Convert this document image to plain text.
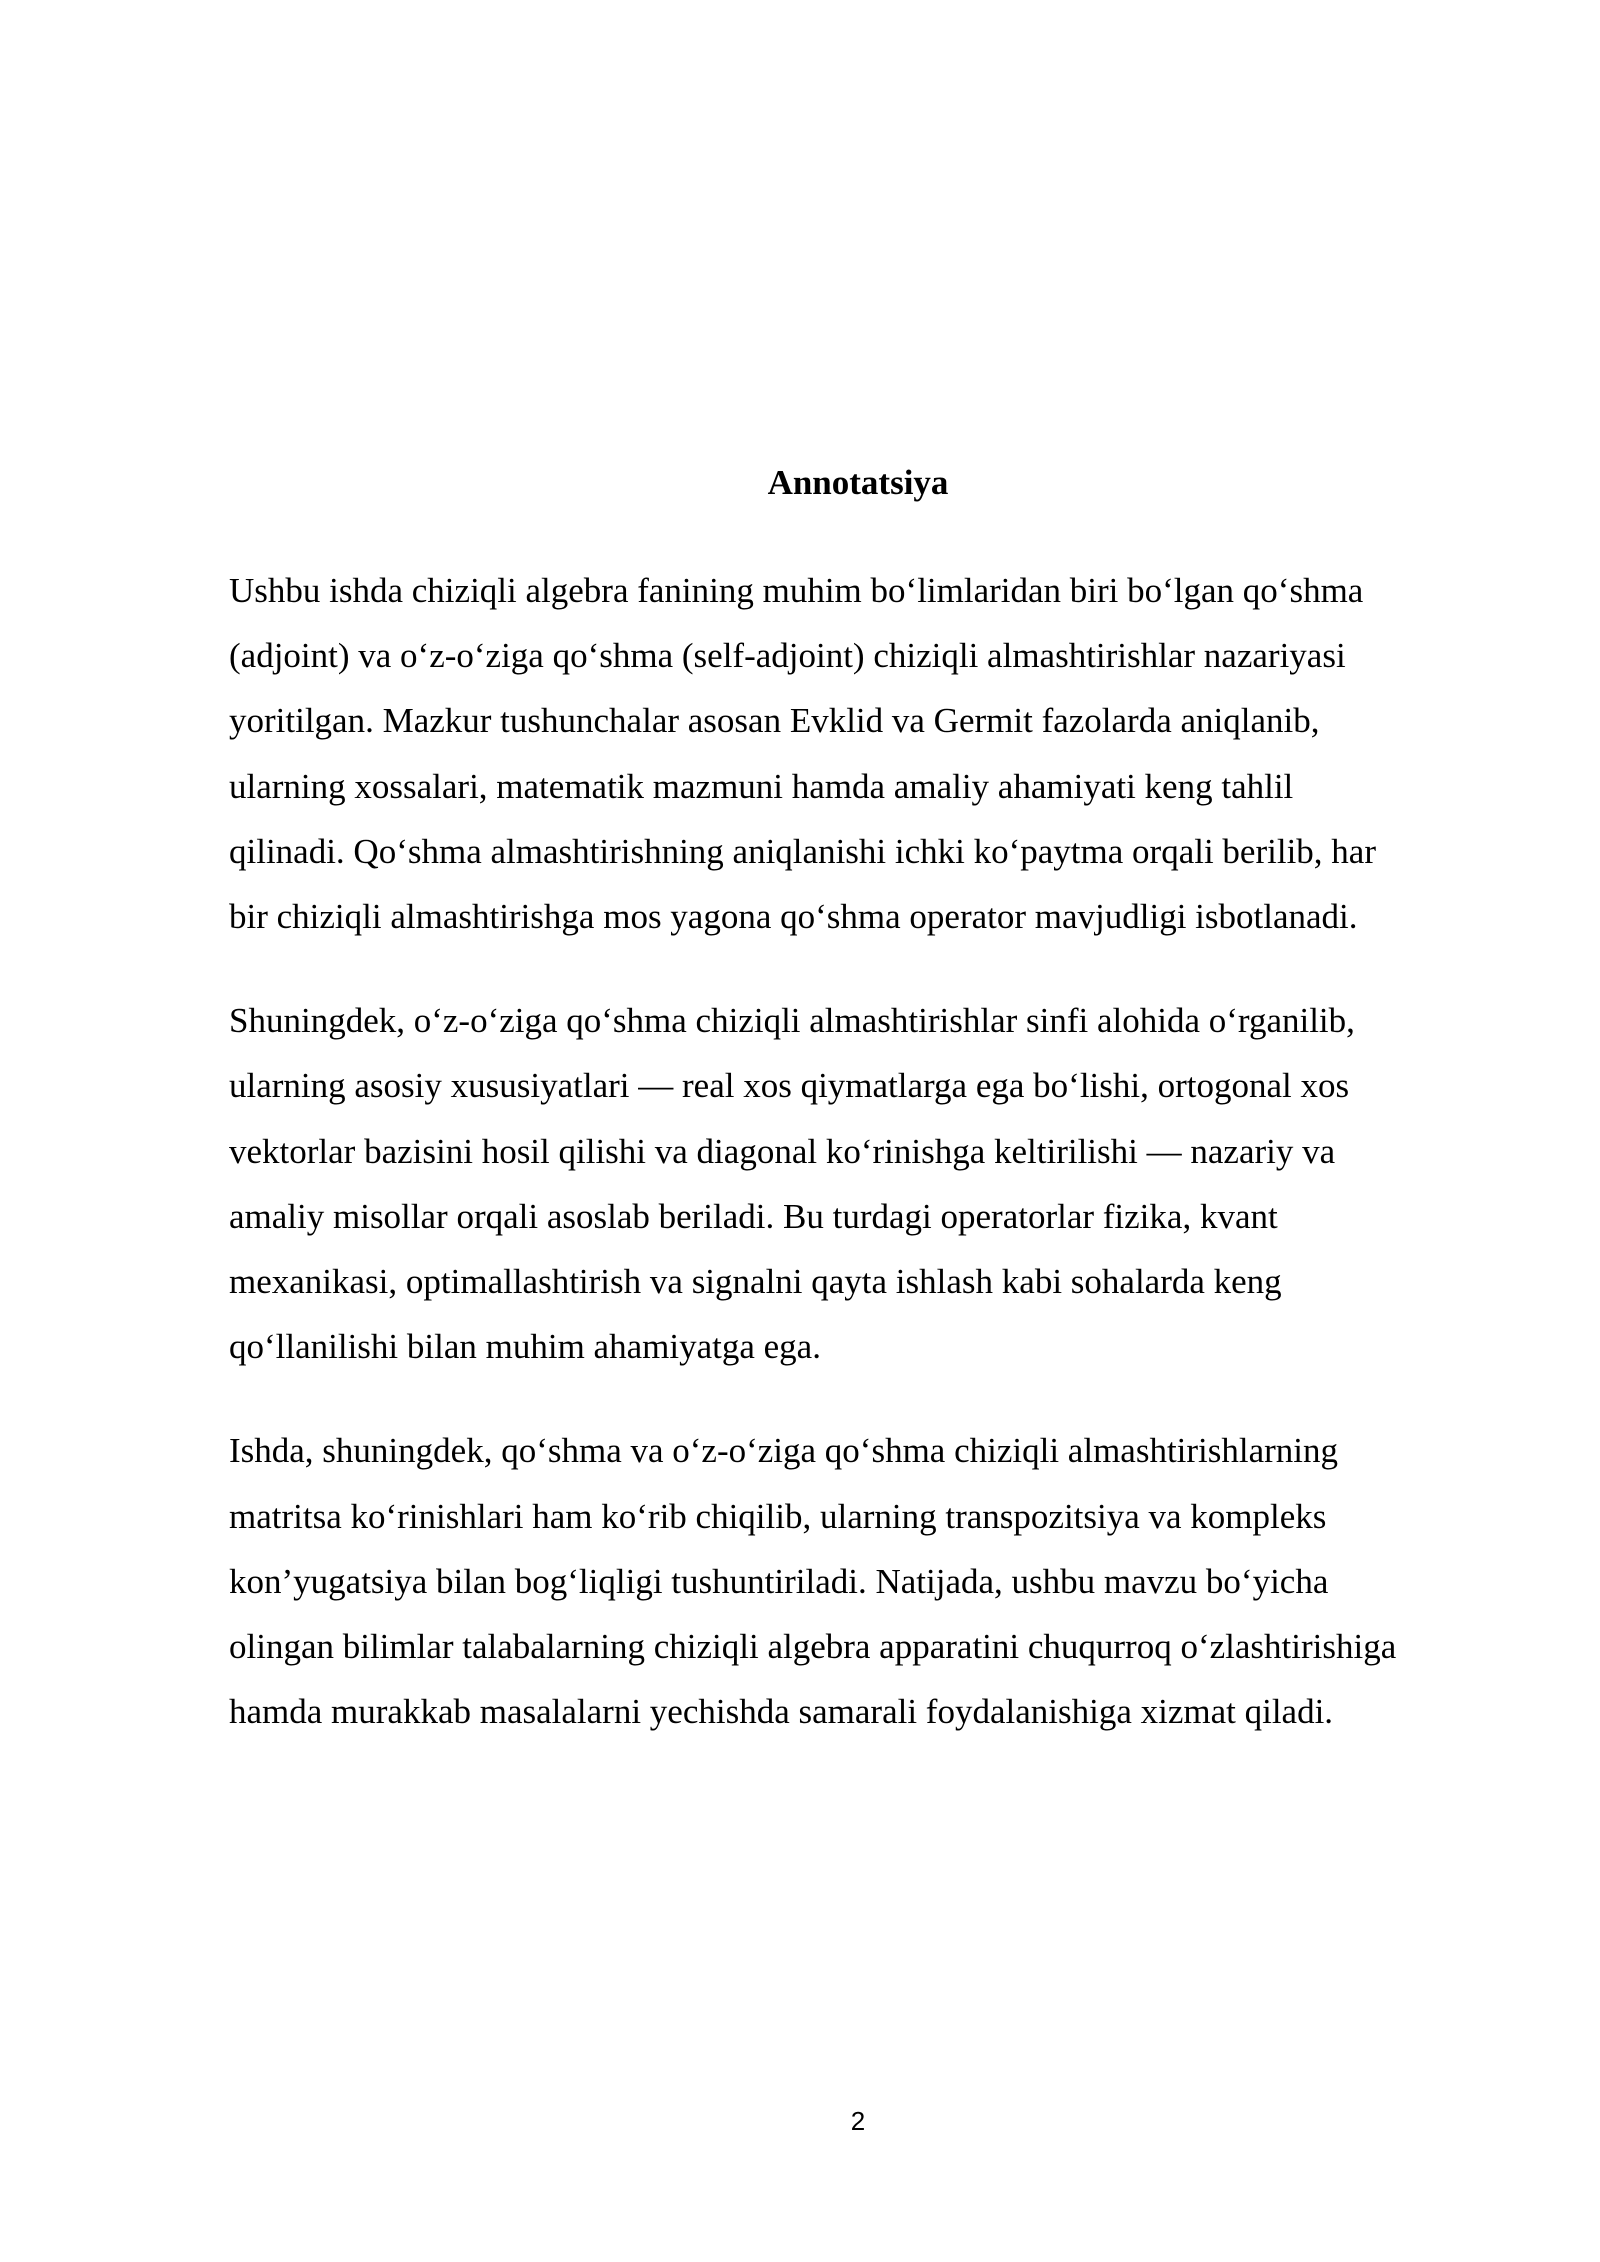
Annotatsiya

Ushbu ishda chiziqli algebra fanining muhim bo‘limlaridan biri bo‘lgan qo‘shma
(adjoint) va o‘z-o‘ziga qo‘shma (self-adjoint) chiziqli almashtirishlar nazariyasi
yoritilgan. Mazkur tushunchalar asosan Evklid va Germit fazolarda aniqlanib,
ularning xossalari, matematik mazmuni hamda amaliy ahamiyati keng tahlil
qilinadi. Qo‘shma almashtirishning aniqlanishi ichki ko‘paytma orqali berilib, har
bir chiziqli almashtirishga mos yagona qo‘shma operator mavjudligi isbotlanadi.

Shuningdek, o‘z-o‘ziga qo‘shma chiziqli almashtirishlar sinfi alohida o‘rganilib,
ularning asosiy xususiyatlari — real xos qiymatlarga ega bo‘lishi, ortogonal xos
vektorlar bazisini hosil qilishi va diagonal ko‘rinishga keltirilishi — nazariy va
amaliy misollar orqali asoslab beriladi. Bu turdagi operatorlar fizika, kvant
mexanikasi, optimallashtirish va signalni qayta ishlash kabi sohalarda keng
qo‘llanilishi bilan muhim ahamiyatga ega.

Ishda, shuningdek, qo‘shma va o‘z-o‘ziga qo‘shma chiziqli almashtirishlarning
matritsa ko‘rinishlari ham ko‘rib chiqilib, ularning transpozitsiya va kompleks
kon’yugatsiya bilan bog‘liqligi tushuntiriladi. Natijada, ushbu mavzu bo‘yicha
olingan bilimlar talabalarning chiziqli algebra apparatini chuqurroq o‘zlashtirishiga
hamda murakkab masalalarni yechishda samarali foydalanishiga xizmat qiladi.

2
